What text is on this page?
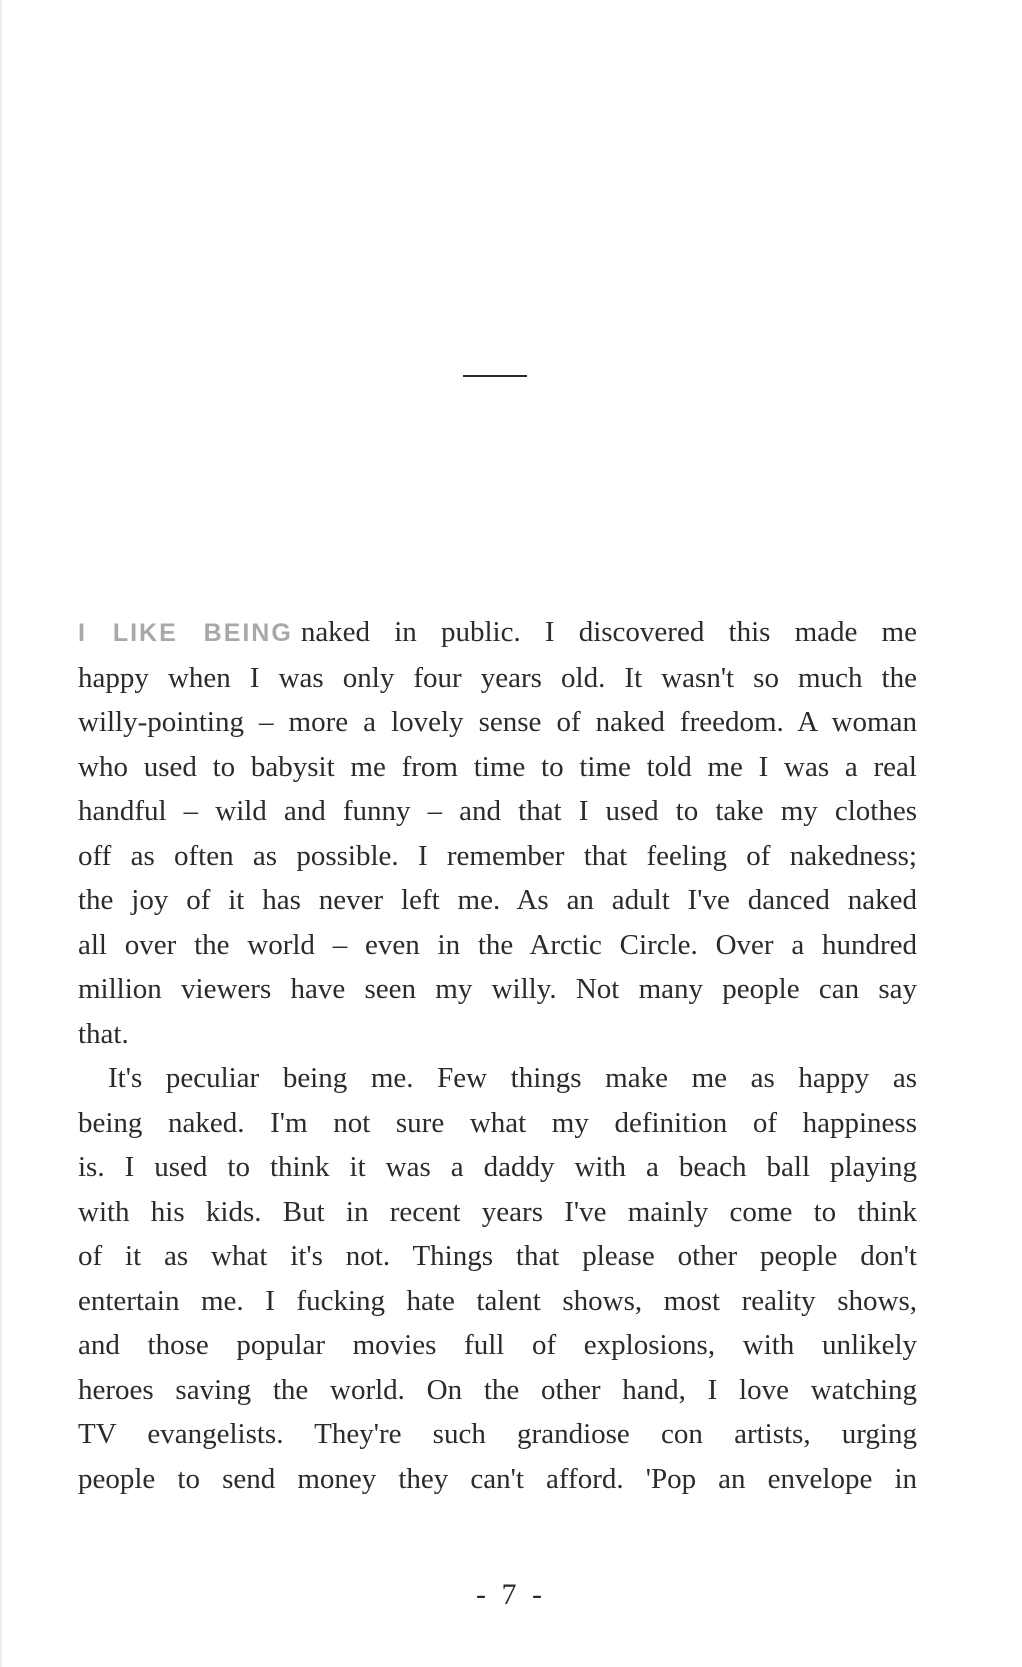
I LIKE BEING naked in public. I discovered this made me
happy when I was only four years old. It wasn't so much the
willy-pointing – more a lovely sense of naked freedom. A woman
who used to babysit me from time to time told me I was a real
handful – wild and funny – and that I used to take my clothes
off as often as possible. I remember that feeling of nakedness;
the joy of it has never left me. As an adult I've danced naked
all over the world – even in the Arctic Circle. Over a hundred
million viewers have seen my willy. Not many people can say
that.

It's peculiar being me. Few things make me as happy as
being naked. I'm not sure what my definition of happiness
is. I used to think it was a daddy with a beach ball playing
with his kids. But in recent years I've mainly come to think
of it as what it's not. Things that please other people don't
entertain me. I fucking hate talent shows, most reality shows,
and those popular movies full of explosions, with unlikely
heroes saving the world. On the other hand, I love watching
TV evangelists. They're such grandiose con artists, urging
people to send money they can't afford. 'Pop an envelope in

- 7 -
